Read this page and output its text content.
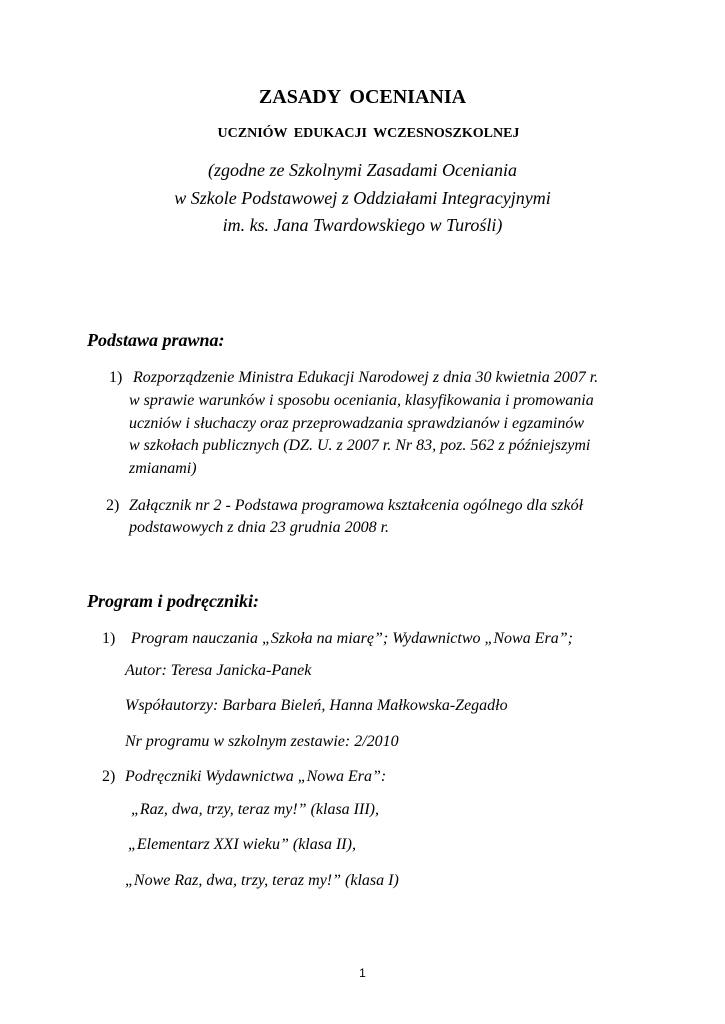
ZASADY OCENIANIA
UCZNIÓW EDUKACJI WCZESNOSZKOLNEJ
(zgodne ze Szkolnymi Zasadami Oceniania
w Szkole Podstawowej z Oddziałami Integracyjnymi
im. ks. Jana Twardowskiego w Turośli)
Podstawa prawna:
1) Rozporządzenie Ministra Edukacji Narodowej z dnia 30 kwietnia 2007 r.
w sprawie warunków i sposobu oceniania, klasyfikowania i promowania
uczniów i słuchaczy oraz przeprowadzania sprawdzianów i egzaminów
w szkołach publicznych (DZ. U. z 2007 r. Nr 83, poz. 562 z późniejszymi
zmianami)
2) Załącznik nr 2 - Podstawa programowa kształcenia ogólnego dla szkół
podstawowych z dnia 23 grudnia 2008 r.
Program i podręczniki:
1) Program nauczania „Szkoła na miarę”; Wydawnictwo „Nowa Era”;
Autor: Teresa Janicka-Panek
Współautorzy: Barbara Bieleń, Hanna Małkowska-Zegadło
Nr programu w szkolnym zestawie: 2/2010
2) Podręczniki Wydawnictwa „Nowa Era”:
„Raz, dwa, trzy, teraz my!” (klasa III),
„Elementarz XXI wieku” (klasa II),
„Nowe Raz, dwa, trzy, teraz my!” (klasa I)
1
